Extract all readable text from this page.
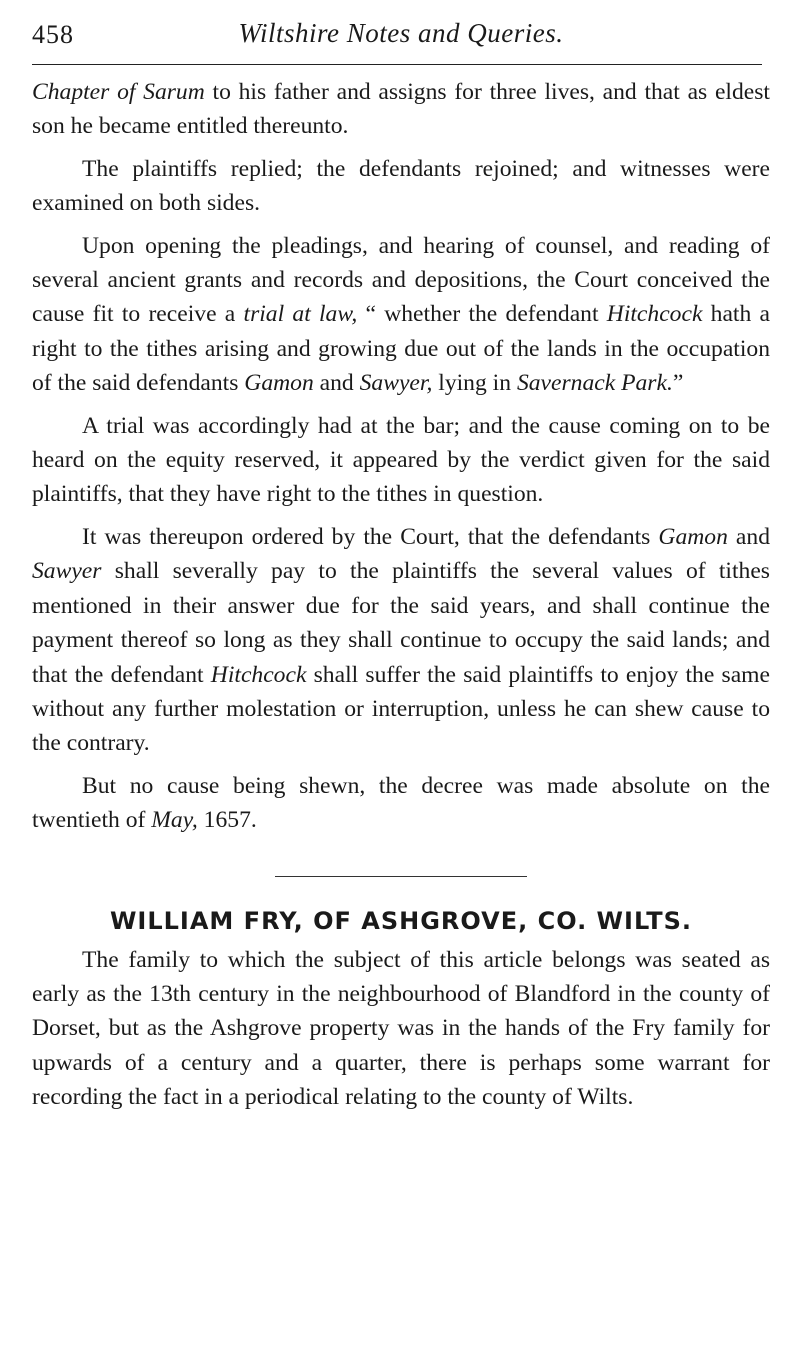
458	Wiltshire Notes and Queries.

Chapter of Sarum to his father and assigns for three lives, and that as eldest son he became entitled thereunto.

The plaintiffs replied; the defendants rejoined; and witnesses were examined on both sides.

Upon opening the pleadings, and hearing of counsel, and reading of several ancient grants and records and depositions, the Court conceived the cause fit to receive a trial at law, “ whether the defendant Hitchcock hath a right to the tithes arising and growing due out of the lands in the occupation of the said defendants Gamon and Sawyer, lying in Savernack Park.”

A trial was accordingly had at the bar; and the cause coming on to be heard on the equity reserved, it appeared by the verdict given for the said plaintiffs, that they have right to the tithes in question.

It was thereupon ordered by the Court, that the defendants Gamon and Sawyer shall severally pay to the plaintiffs the several values of tithes mentioned in their answer due for the said years, and shall continue the payment thereof so long as they shall continue to occupy the said lands; and that the defendant Hitchcock shall suffer the said plaintiffs to enjoy the same without any further molestation or interruption, unless he can shew cause to the contrary.

But no cause being shewn, the decree was made absolute on the twentieth of May, 1657.

WILLIAM FRY, OF ASHGROVE, CO. WILTS.

The family to which the subject of this article belongs was seated as early as the 13th century in the neighbourhood of Blandford in the county of Dorset, but as the Ashgrove property was in the hands of the Fry family for upwards of a century and a quarter, there is perhaps some warrant for recording the fact in a periodical relating to the county of Wilts.
